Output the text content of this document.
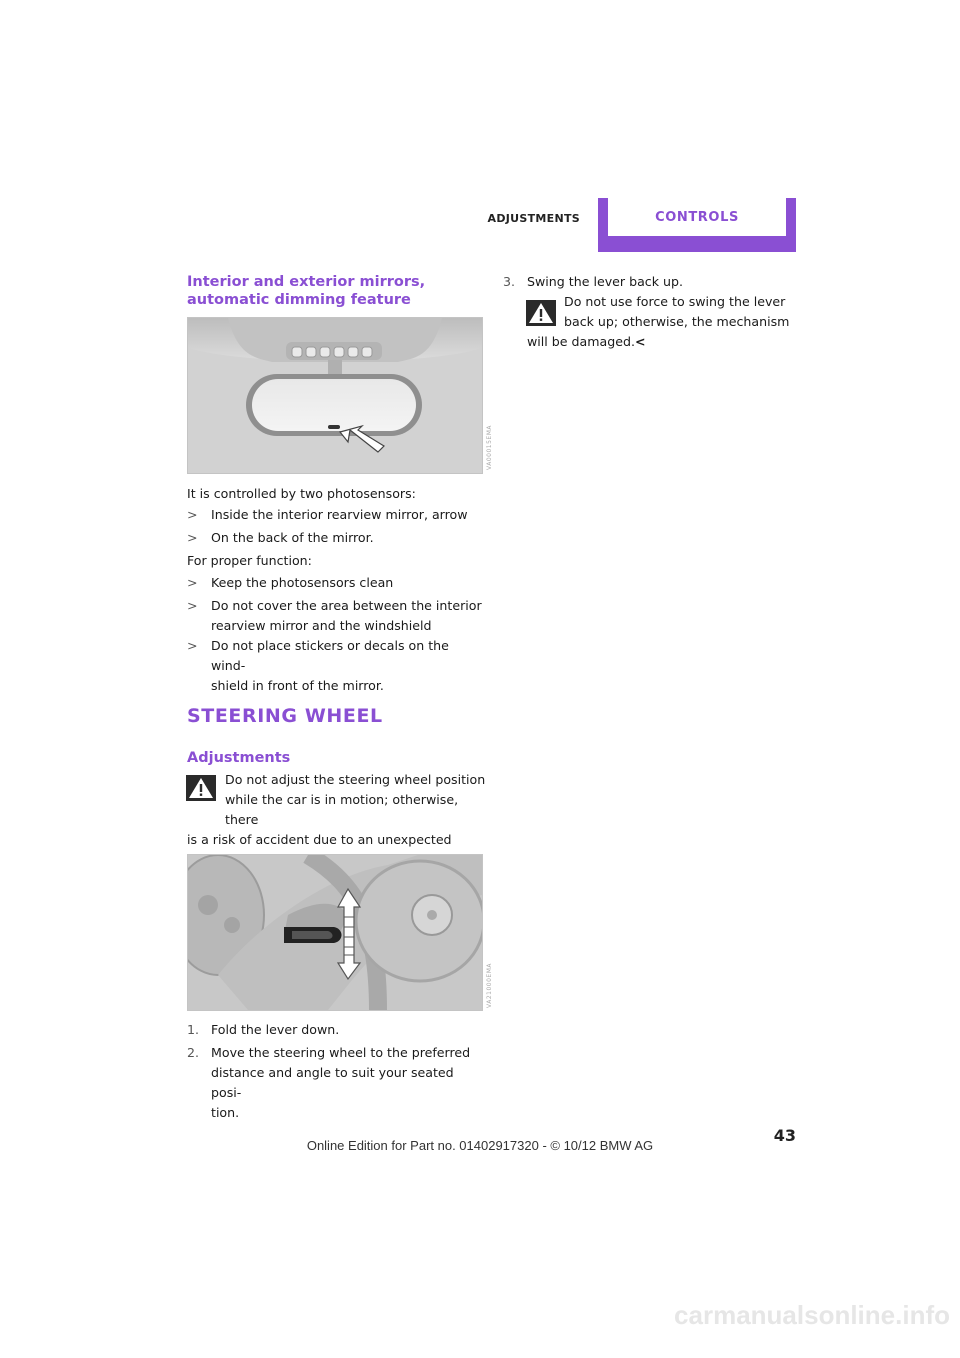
ADJUSTMENTS	CONTROLS
Interior and exterior mirrors,
automatic dimming feature
VA00015EMA
It is controlled by two photosensors:
> Inside the interior rearview mirror, arrow
> On the back of the mirror.
For proper function:
> Keep the photosensors clean
> Do not cover the area between the interior
rearview mirror and the windshield
> Do not place stickers or decals on the wind-
shield in front of the mirror.
STEERING WHEEL
Adjustments
Do not adjust the steering wheel position
while the car is in motion; otherwise, there
is a risk of accident due to an unexpected
VA21000EMA
1. Fold the lever down.
2. Move the steering wheel to the preferred
distance and angle to suit your seated posi-
tion.
3. Swing the lever back up.
Do not use force to swing the lever
back up; otherwise, the mechanism
will be damaged.<
43
Online Edition for Part no. 01402917320 - © 10/12 BMW AG
carmanualsonline.info
